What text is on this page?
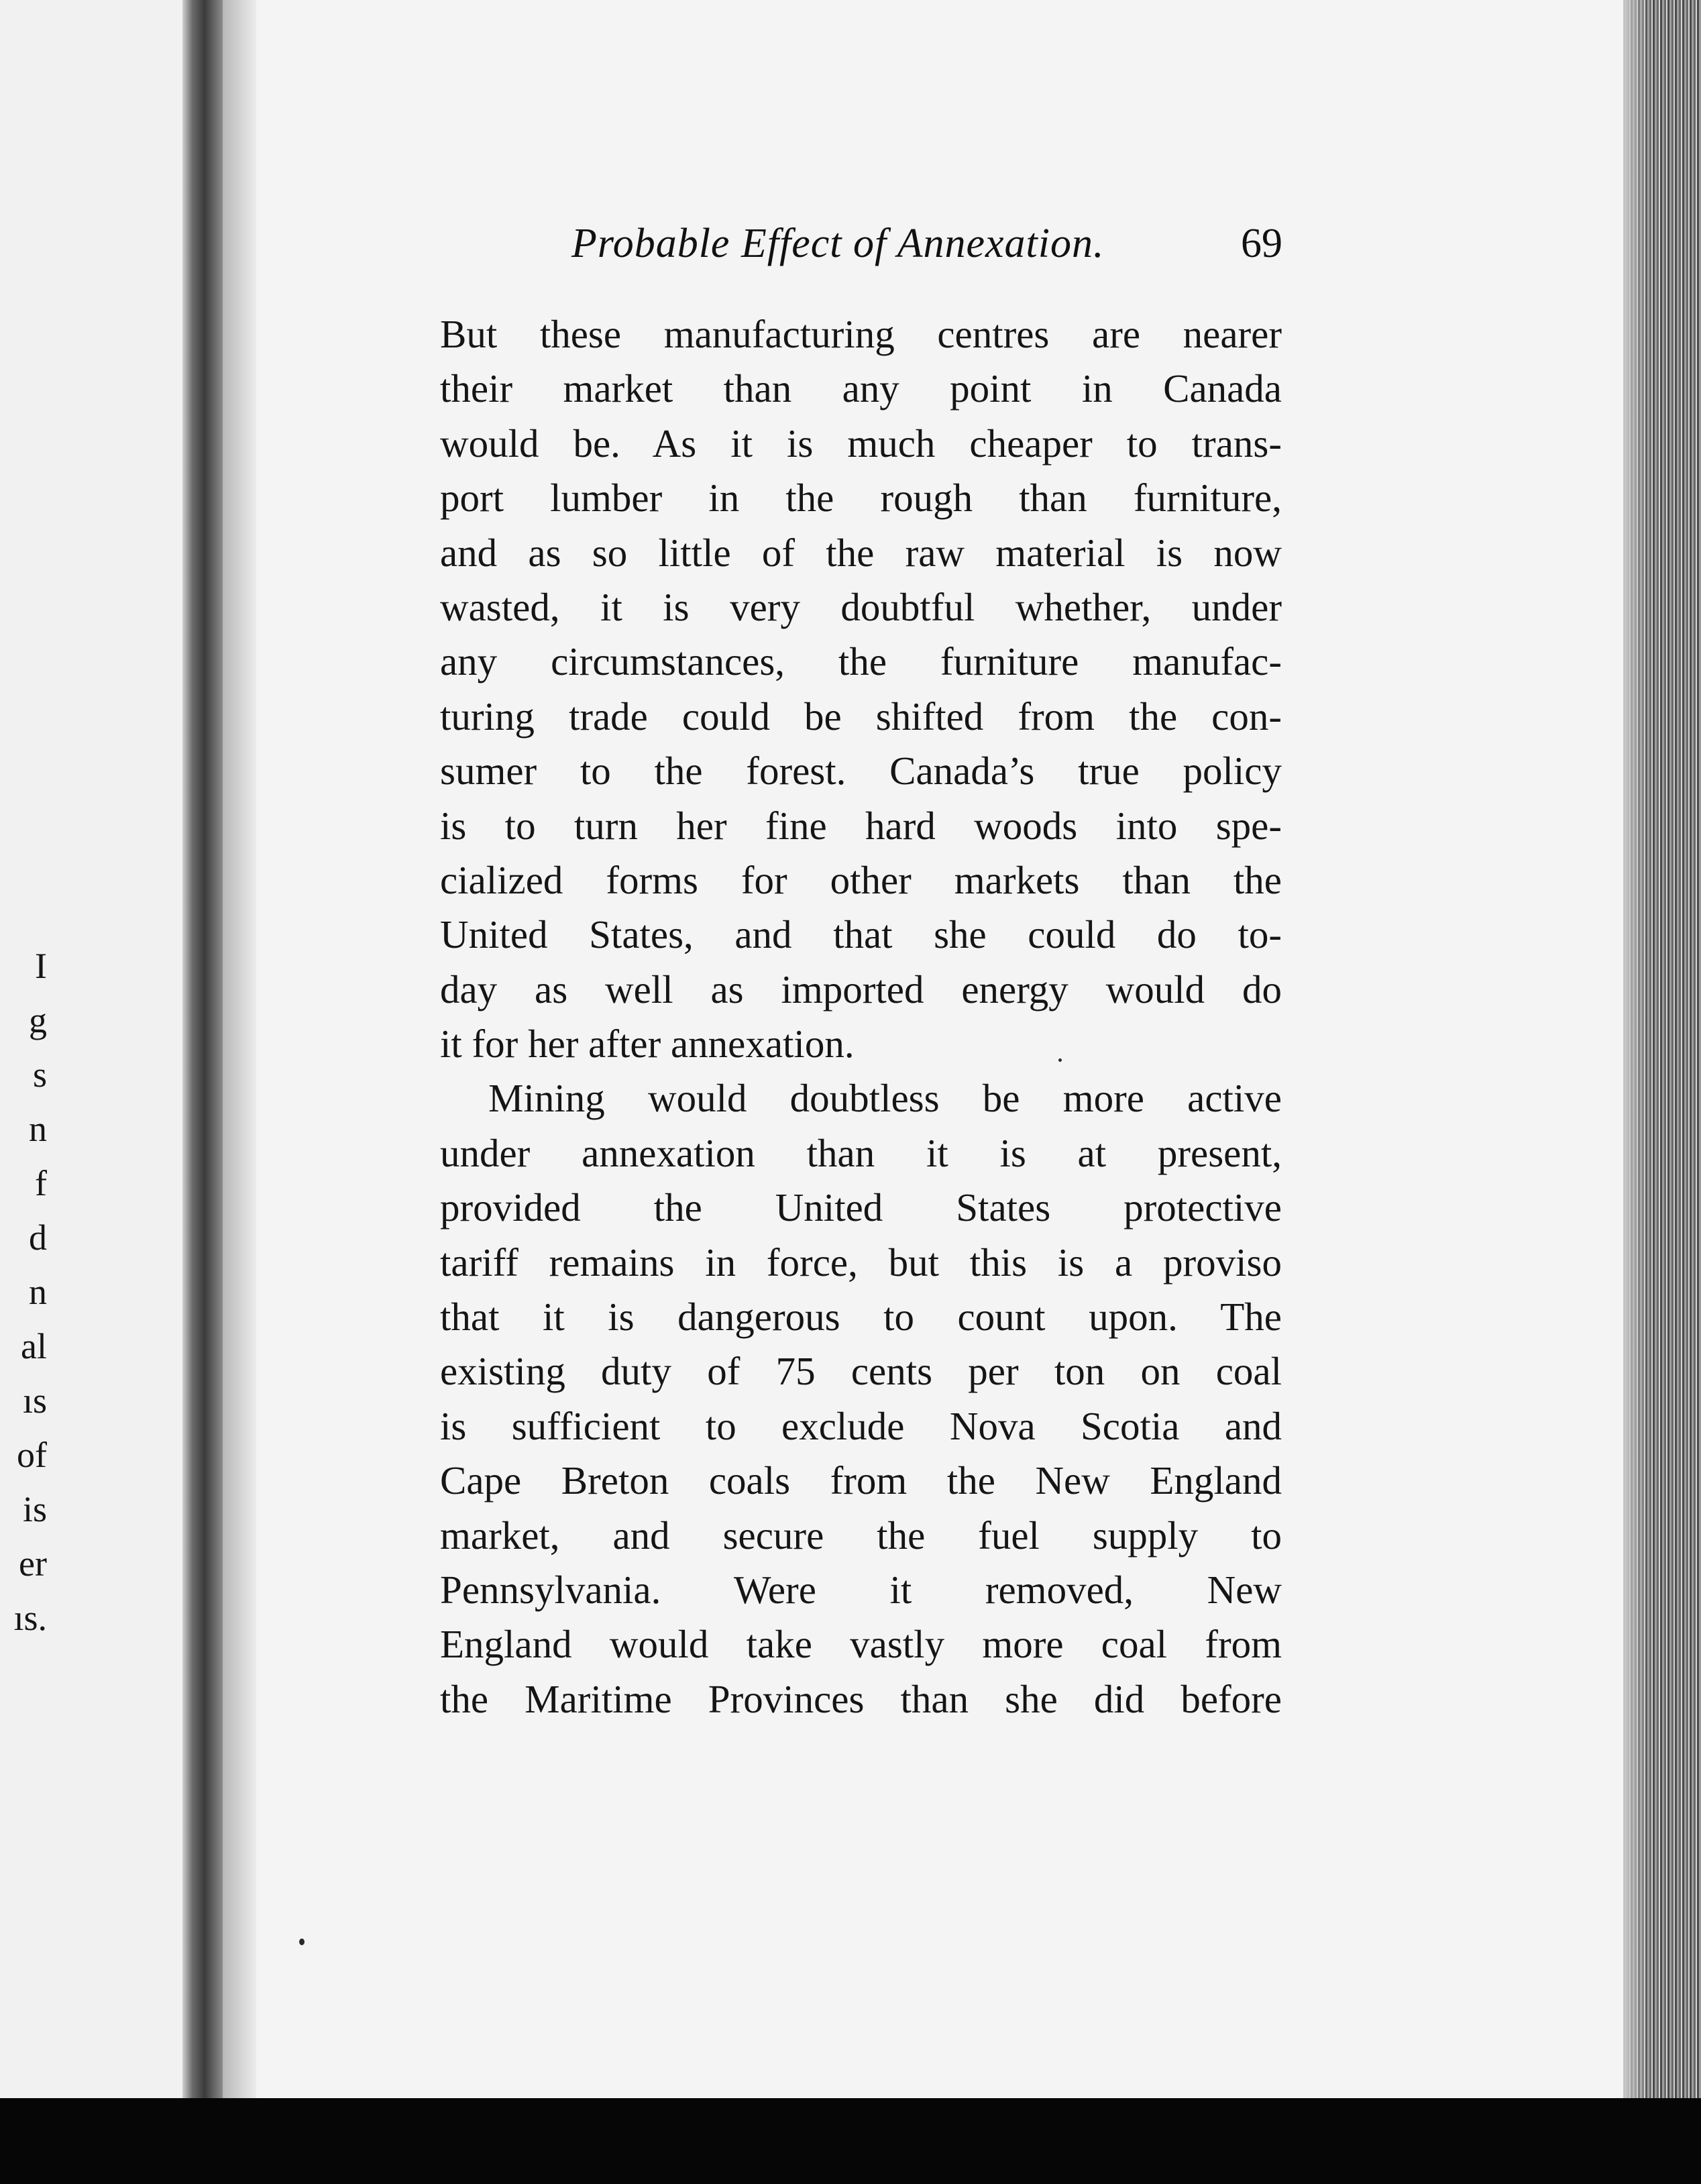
I
g
s
n
f
d
n
al
ıs
of
is
er
ıs.
Probable Effect of Annexation.	69
But these manufacturing centres are nearer
their market than any point in Canada
would be. As it is much cheaper to trans-
port lumber in the rough than furniture,
and as so little of the raw material is now
wasted, it is very doubtful whether, under
any circumstances, the furniture manufac-
turing trade could be shifted from the con-
sumer to the forest. Canada’s true policy
is to turn her fine hard woods into spe-
cialized forms for other markets than the
United States, and that she could do to-
day as well as imported energy would do
it for her after annexation.
Mining would doubtless be more active
under annexation than it is at present,
provided the United States protective
tariff remains in force, but this is a proviso
that it is dangerous to count upon. The
existing duty of 75 cents per ton on coal
is sufficient to exclude Nova Scotia and
Cape Breton coals from the New England
market, and secure the fuel supply to
Pennsylvania. Were it removed, New
England would take vastly more coal from
the Maritime Provinces than she did before
